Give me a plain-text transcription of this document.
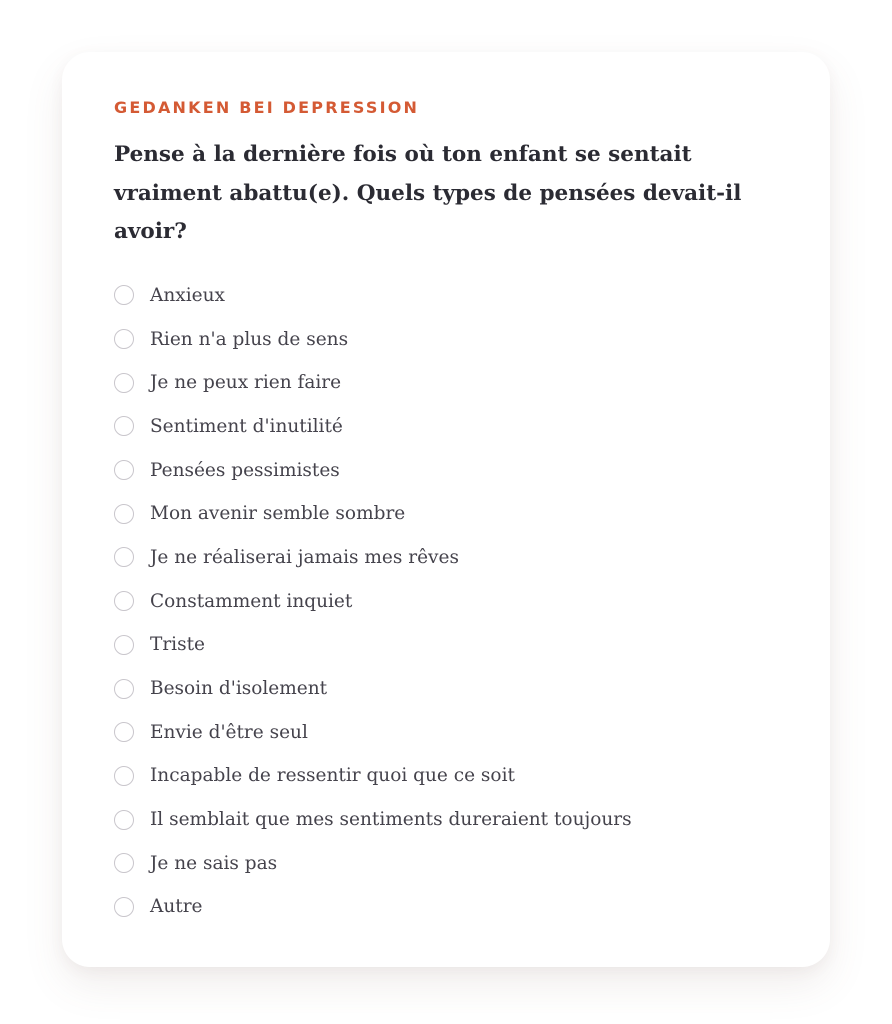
GEDANKEN BEI DEPRESSION
Pense à la dernière fois où ton enfant se sentait vraiment abattu(e). Quels types de pensées devait-il avoir?
Anxieux
Rien n'a plus de sens
Je ne peux rien faire
Sentiment d'inutilité
Pensées pessimistes
Mon avenir semble sombre
Je ne réaliserai jamais mes rêves
Constamment inquiet
Triste
Besoin d'isolement
Envie d'être seul
Incapable de ressentir quoi que ce soit
Il semblait que mes sentiments dureraient toujours
Je ne sais pas
Autre
